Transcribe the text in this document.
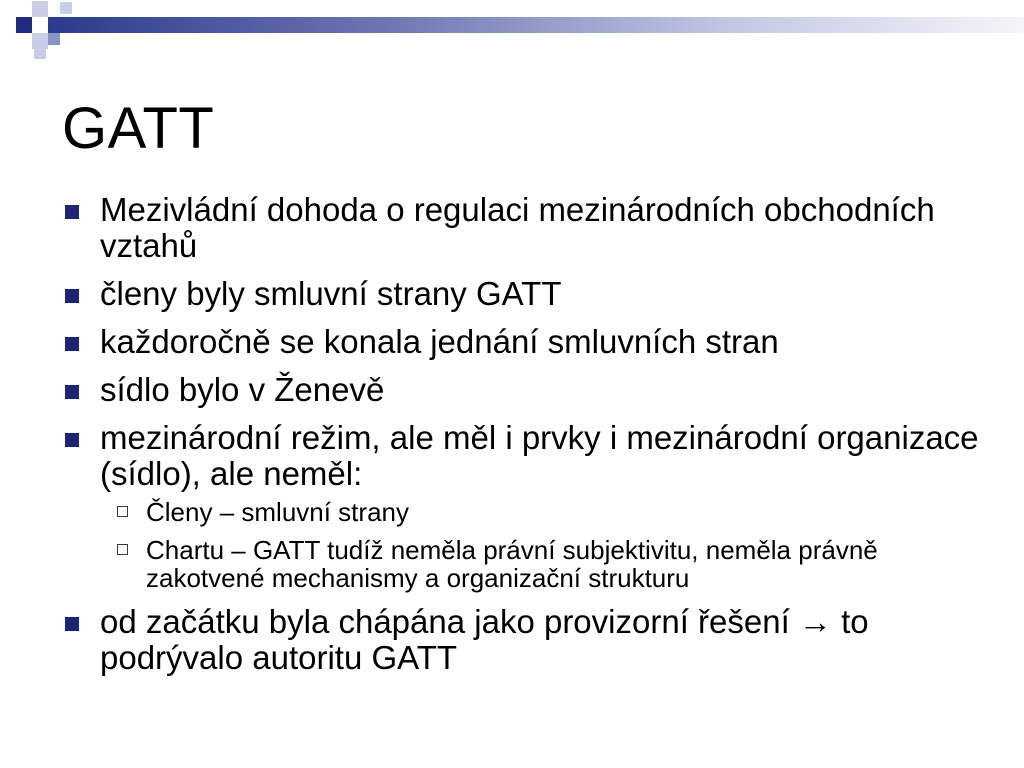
GATT
Mezivládní dohoda o regulaci mezinárodních obchodních vztahů
členy byly smluvní strany GATT
každoročně se konala jednání smluvních stran
sídlo bylo v Ženevě
mezinárodní režim, ale měl i prvky i mezinárodní organizace (sídlo), ale neměl:
Členy – smluvní strany
Chartu – GATT tudíž neměla právní subjektivitu, neměla právně zakotvené mechanismy a organizační strukturu
od začátku byla chápána jako provizorní řešení → to podrývalo autoritu GATT
